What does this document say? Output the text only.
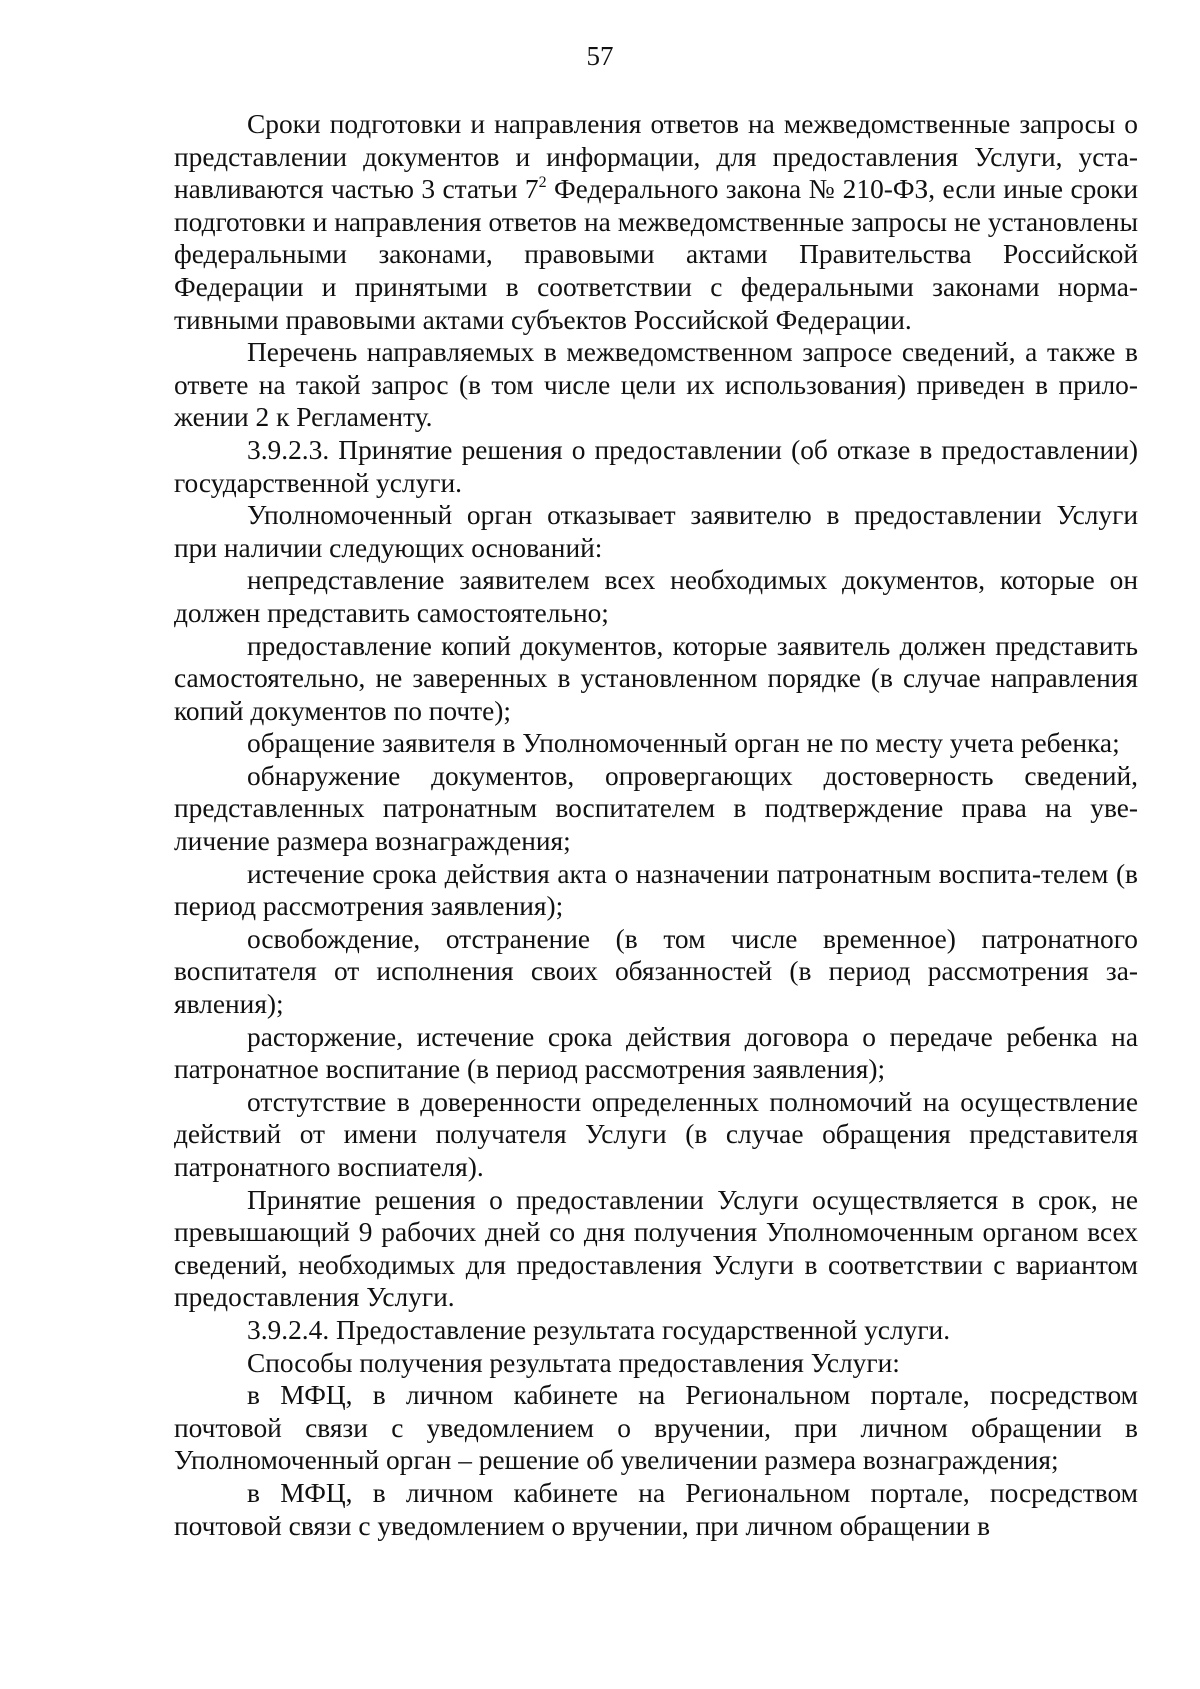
57

Сроки подготовки и направления ответов на межведомственные запросы о представлении документов и информации, для предоставления Услуги, устанавливаются частью 3 статьи $7^2$ Федерального закона № 210-ФЗ, если иные сроки подготовки и направления ответов на межведомственные запросы не установлены федеральными законами, правовыми актами Правительства Российской Федерации и принятыми в соответствии с федеральными законами нормативными правовыми актами субъектов Российской Федерации.

Перечень направляемых в межведомственном запросе сведений, а также в ответе на такой запрос (в том числе цели их использования) приведен в приложении 2 к Регламенту.

3.9.2.3. Принятие решения о предоставлении (об отказе в предоставлении) государственной услуги.

Уполномоченный орган отказывает заявителю в предоставлении Услуги при наличии следующих оснований:

непредставление заявителем всех необходимых документов, которые он должен представить самостоятельно;

предоставление копий документов, которые заявитель должен представить самостоятельно, не заверенных в установленном порядке (в случае направления копий документов по почте);

обращение заявителя в Уполномоченный орган не по месту учета ребенка;

обнаружение документов, опровергающих достоверность сведений, представленных патронатным воспитателем в подтверждение права на увеличение размера вознаграждения;

истечение срока действия акта о назначении патронатным воспита-телем (в период рассмотрения заявления);

освобождение, отстранение (в том числе временное) патронатного воспитателя от исполнения своих обязанностей (в период рассмотрения заявления);

расторжение, истечение срока действия договора о передаче ребенка на патронатное воспитание (в период рассмотрения заявления);

отстутствие в доверенности определенных полномочий на осуществление действий от имени получателя Услуги (в случае обращения представителя патронатного воспиателя).

Принятие решения о предоставлении Услуги осуществляется в срок, не превышающий 9 рабочих дней со дня получения Уполномоченным органом всех сведений, необходимых для предоставления Услуги в соответствии с вариантом предоставления Услуги.

3.9.2.4. Предоставление результата государственной услуги.

Способы получения результата предоставления Услуги:

в МФЦ, в личном кабинете на Региональном портале, посредством почтовой связи с уведомлением о вручении, при личном обращении в Уполномоченный орган – решение об увеличении размера вознаграждения;

в МФЦ, в личном кабинете на Региональном портале, посредством почтовой связи с уведомлением о вручении, при личном обращении в
